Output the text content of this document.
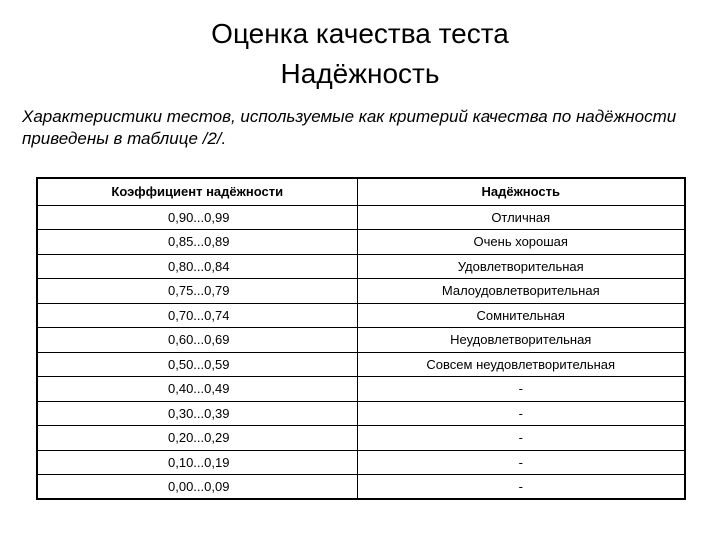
Оценка качества теста
Надёжность
Характеристики тестов, используемые как критерий качества по надёжности
приведены в таблице /2/.
Коэффициент надёжности	Надёжность
0,90...0,99	Отличная
0,85...0,89	Очень хорошая
0,80...0,84	Удовлетворительная
0,75...0,79	Малоудовлетворительная
0,70...0,74	Сомнительная
0,60...0,69	Неудовлетворительная
0,50...0,59	Совсем неудовлетворительная
0,40...0,49	-
0,30...0,39	-
0,20...0,29	-
0,10...0,19	-
0,00...0,09	-
